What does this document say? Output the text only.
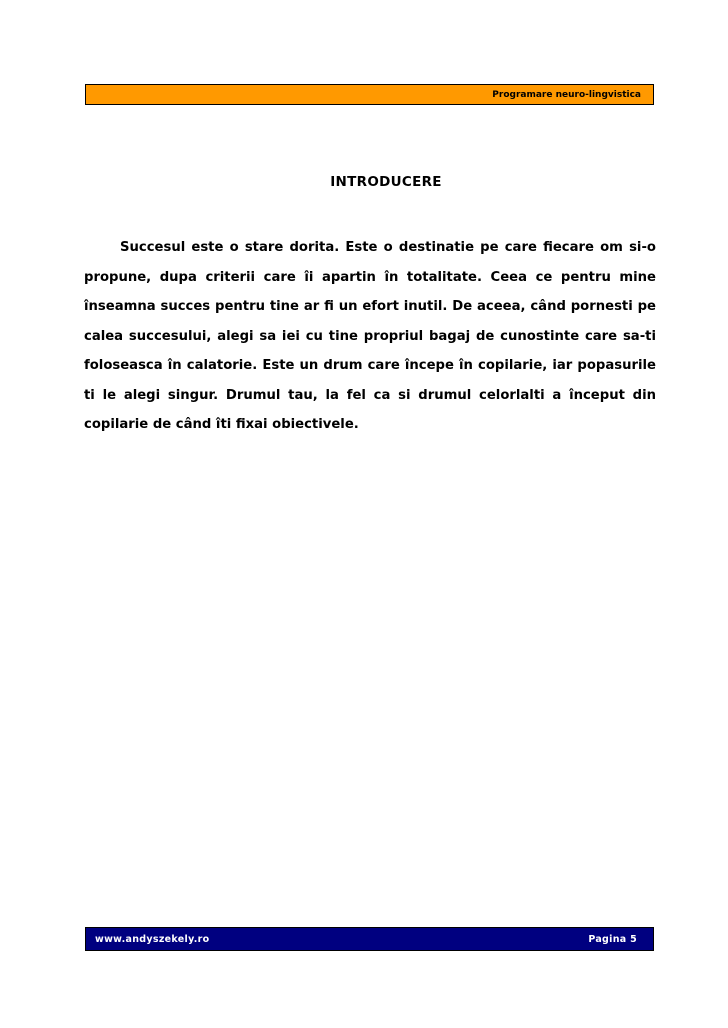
Programare neuro-lingvistica
INTRODUCERE

Succesul este o stare dorita. Este o destinatie pe care fiecare om si-o propune, dupa criterii care îi apartin în totalitate. Ceea ce pentru mine înseamna succes pentru tine ar fi un efort inutil. De aceea, când pornesti pe calea succesului, alegi sa iei cu tine propriul bagaj de cunostinte care sa-ti foloseasca în calatorie. Este un drum care începe în copilarie, iar popasurile ti le alegi singur. Drumul tau, la fel ca si drumul celorlalti a început din copilarie de când îti fixai obiectivele.

www.andyszekely.ro	Pagina 5
